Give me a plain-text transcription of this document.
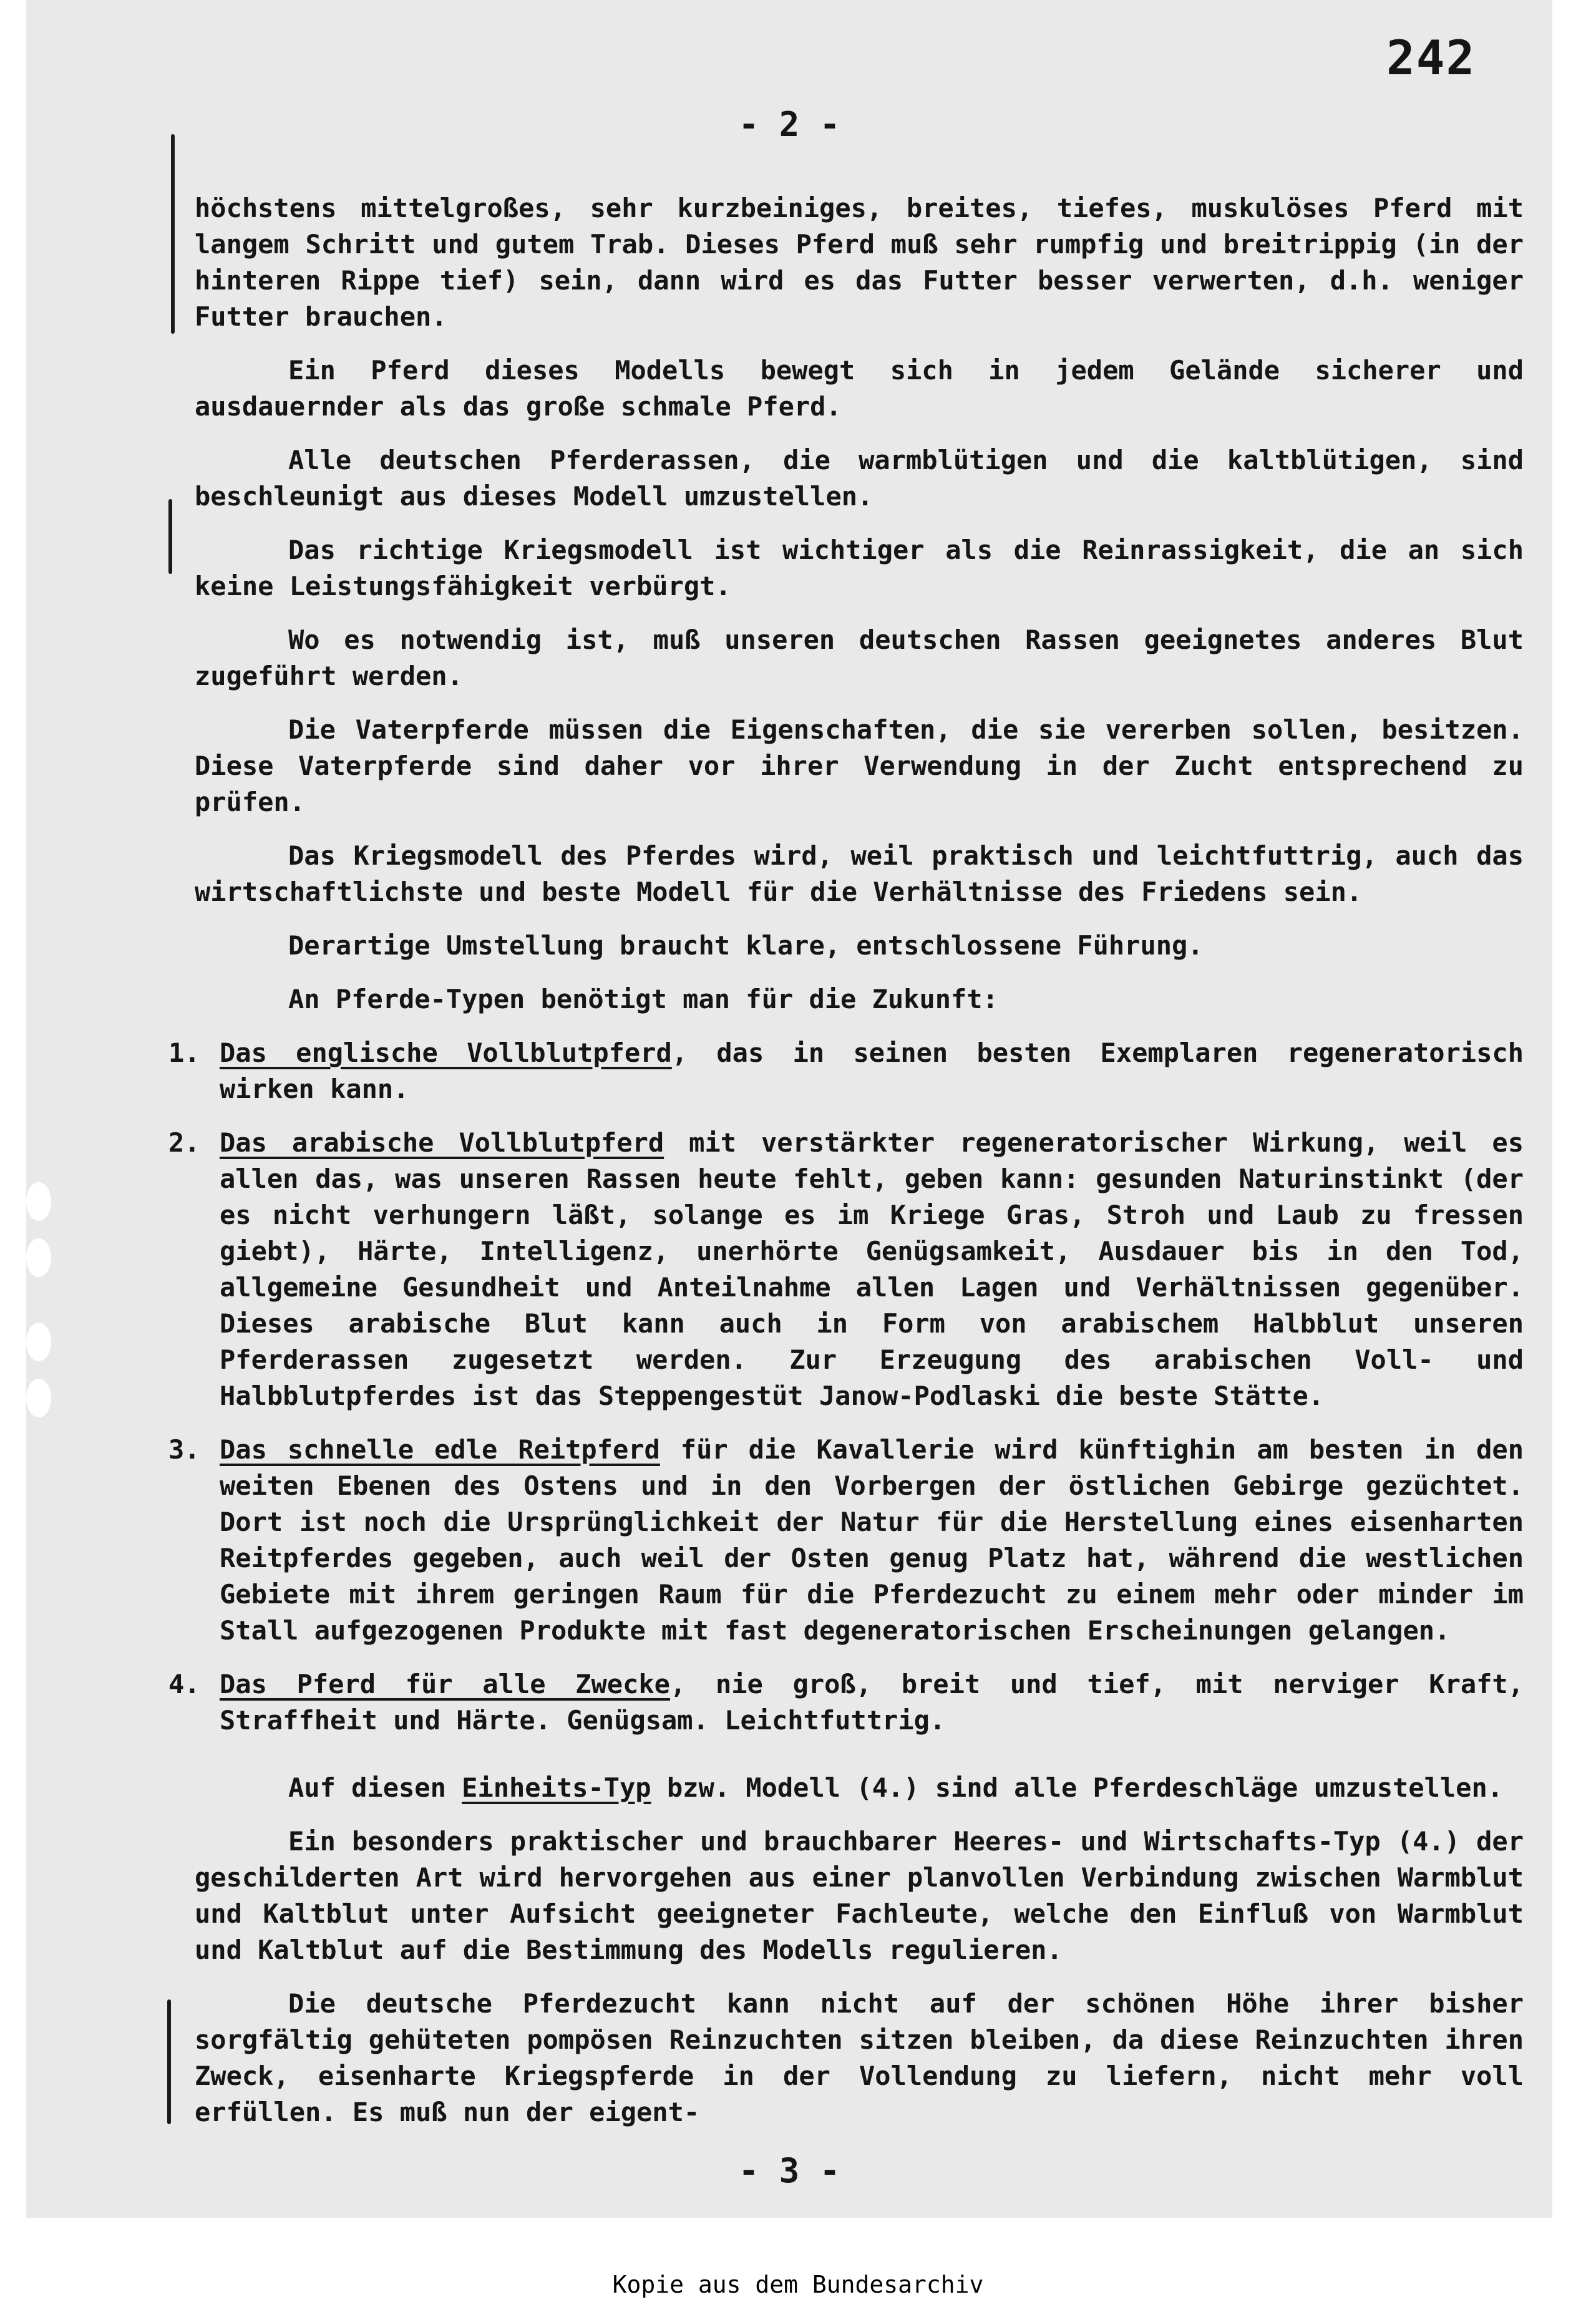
242
- 2 -

höchstens mittelgroßes, sehr kurzbeiniges, breites, tiefes, muskulöses Pferd mit langem Schritt und gutem Trab. Dieses Pferd muß sehr rumpfig und breitrippig (in der hinteren Rippe tief) sein, dann wird es das Futter besser verwerten, d.h. weniger Futter brauchen.

Ein Pferd dieses Modells bewegt sich in jedem Gelände sicherer und ausdauernder als das große schmale Pferd.

Alle deutschen Pferderassen, die warmblütigen und die kaltblütigen, sind beschleunigt aus dieses Modell umzustellen.

Das richtige Kriegsmodell ist wichtiger als die Reinrassigkeit, die an sich keine Leistungsfähigkeit verbürgt.

Wo es notwendig ist, muß unseren deutschen Rassen geeignetes anderes Blut zugeführt werden.

Die Vaterpferde müssen die Eigenschaften, die sie vererben sollen, besitzen. Diese Vaterpferde sind daher vor ihrer Verwendung in der Zucht entsprechend zu prüfen.

Das Kriegsmodell des Pferdes wird, weil praktisch und leichtfuttrig, auch das wirtschaftlichste und beste Modell für die Verhältnisse des Friedens sein.

Derartige Umstellung braucht klare, entschlossene Führung.

An Pferde-Typen benötigt man für die Zukunft:

1. Das englische Vollblutpferd, das in seinen besten Exemplaren regeneratorisch wirken kann.
2. Das arabische Vollblutpferd mit verstärkter regeneratorischer Wirkung, weil es allen das, was unseren Rassen heute fehlt, geben kann: gesunden Naturinstinkt (der es nicht verhungern läßt, solange es im Kriege Gras, Stroh und Laub zu fressen giebt), Härte, Intelligenz, unerhörte Genügsamkeit, Ausdauer bis in den Tod, allgemeine Gesundheit und Anteilnahme allen Lagen und Verhältnissen gegenüber. Dieses arabische Blut kann auch in Form von arabischem Halbblut unseren Pferderassen zugesetzt werden. Zur Erzeugung des arabischen Voll- und Halbblutpferdes ist das Steppengestüt Janow-Podlaski die beste Stätte.
3. Das schnelle edle Reitpferd für die Kavallerie wird künftighin am besten in den weiten Ebenen des Ostens und in den Vorbergen der östlichen Gebirge gezüchtet. Dort ist noch die Ursprünglichkeit der Natur für die Herstellung eines eisenharten Reitpferdes gegeben, auch weil der Osten genug Platz hat, während die westlichen Gebiete mit ihrem geringen Raum für die Pferdezucht zu einem mehr oder minder im Stall aufgezogenen Produkte mit fast degeneratorischen Erscheinungen gelangen.
4. Das Pferd für alle Zwecke, nie groß, breit und tief, mit nerviger Kraft, Straffheit und Härte. Genügsam. Leichtfuttrig.

Auf diesen Einheits-Typ bzw. Modell (4.) sind alle Pferdeschläge umzustellen.

Ein besonders praktischer und brauchbarer Heeres- und Wirtschafts-Typ (4.) der geschilderten Art wird hervorgehen aus einer planvollen Verbindung zwischen Warmblut und Kaltblut unter Aufsicht geeigneter Fachleute, welche den Einfluß von Warmblut und Kaltblut auf die Bestimmung des Modells regulieren.

Die deutsche Pferdezucht kann nicht auf der schönen Höhe ihrer bisher sorgfältig gehüteten pompösen Reinzuchten sitzen bleiben, da diese Reinzuchten ihren Zweck, eisenharte Kriegspferde in der Vollendung zu liefern, nicht mehr voll erfüllen. Es muß nun der eigent-

- 3 -
Kopie aus dem Bundesarchiv
